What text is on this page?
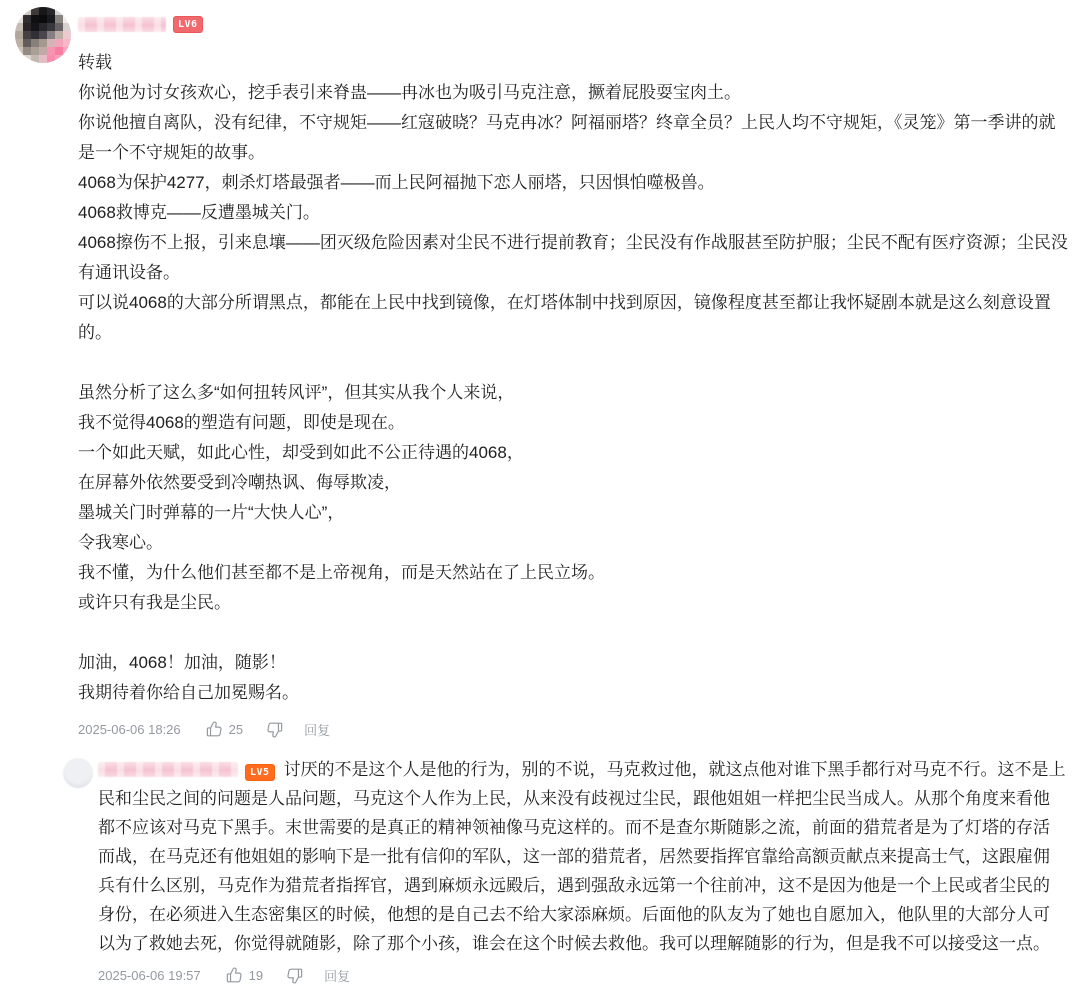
LV6
转载
你说他为讨女孩欢心，挖手表引来脊蛊——冉冰也为吸引马克注意，撅着屁股耍宝肉土。
你说他擅自离队，没有纪律，不守规矩——红寇破晓？马克冉冰？阿福丽塔？终章全员？上民人均不守规矩，《灵笼》第一季讲的就是一个不守规矩的故事。
4068为保护4277，刺杀灯塔最强者——而上民阿福抛下恋人丽塔，只因惧怕噬极兽。
4068救博克——反遭墨城关门。
4068擦伤不上报，引来息壤——团灭级危险因素对尘民不进行提前教育；尘民没有作战服甚至防护服；尘民不配有医疗资源；尘民没有通讯设备。
可以说4068的大部分所谓黑点，都能在上民中找到镜像，在灯塔体制中找到原因，镜像程度甚至都让我怀疑剧本就是这么刻意设置的。
虽然分析了这么多“如何扭转风评”，但其实从我个人来说，
我不觉得4068的塑造有问题，即使是现在。
一个如此天赋，如此心性，却受到如此不公正待遇的4068，
在屏幕外依然要受到冷嘲热讽、侮辱欺凌，
墨城关门时弹幕的一片“大快人心”，
令我寒心。
我不懂，为什么他们甚至都不是上帝视角，而是天然站在了上民立场。
或许只有我是尘民。
加油，4068！加油，随影！
我期待着你给自己加冕赐名。
2025-06-06 18:26	25	回复
LV5 讨厌的不是这个人是他的行为，别的不说，马克救过他，就这点他对谁下黑手都行对马克不行。这不是上民和尘民之间的问题是人品问题，马克这个人作为上民，从来没有歧视过尘民，跟他姐姐一样把尘民当成人。从那个角度来看他都不应该对马克下黑手。末世需要的是真正的精神领袖像马克这样的。而不是查尔斯随影之流，前面的猎荒者是为了灯塔的存活而战，在马克还有他姐姐的影响下是一批有信仰的军队，这一部的猎荒者，居然要指挥官靠给高额贡献点来提高士气，这跟雇佣兵有什么区别，马克作为猎荒者指挥官，遇到麻烦永远殿后，遇到强敌永远第一个往前冲，这不是因为他是一个上民或者尘民的身份，在必须进入生态密集区的时候，他想的是自己去不给大家添麻烦。后面他的队友为了她也自愿加入，他队里的大部分人可以为了救她去死，你觉得就随影，除了那个小孩，谁会在这个时候去救他。我可以理解随影的行为，但是我不可以接受这一点。
2025-06-06 19:57	19	回复
